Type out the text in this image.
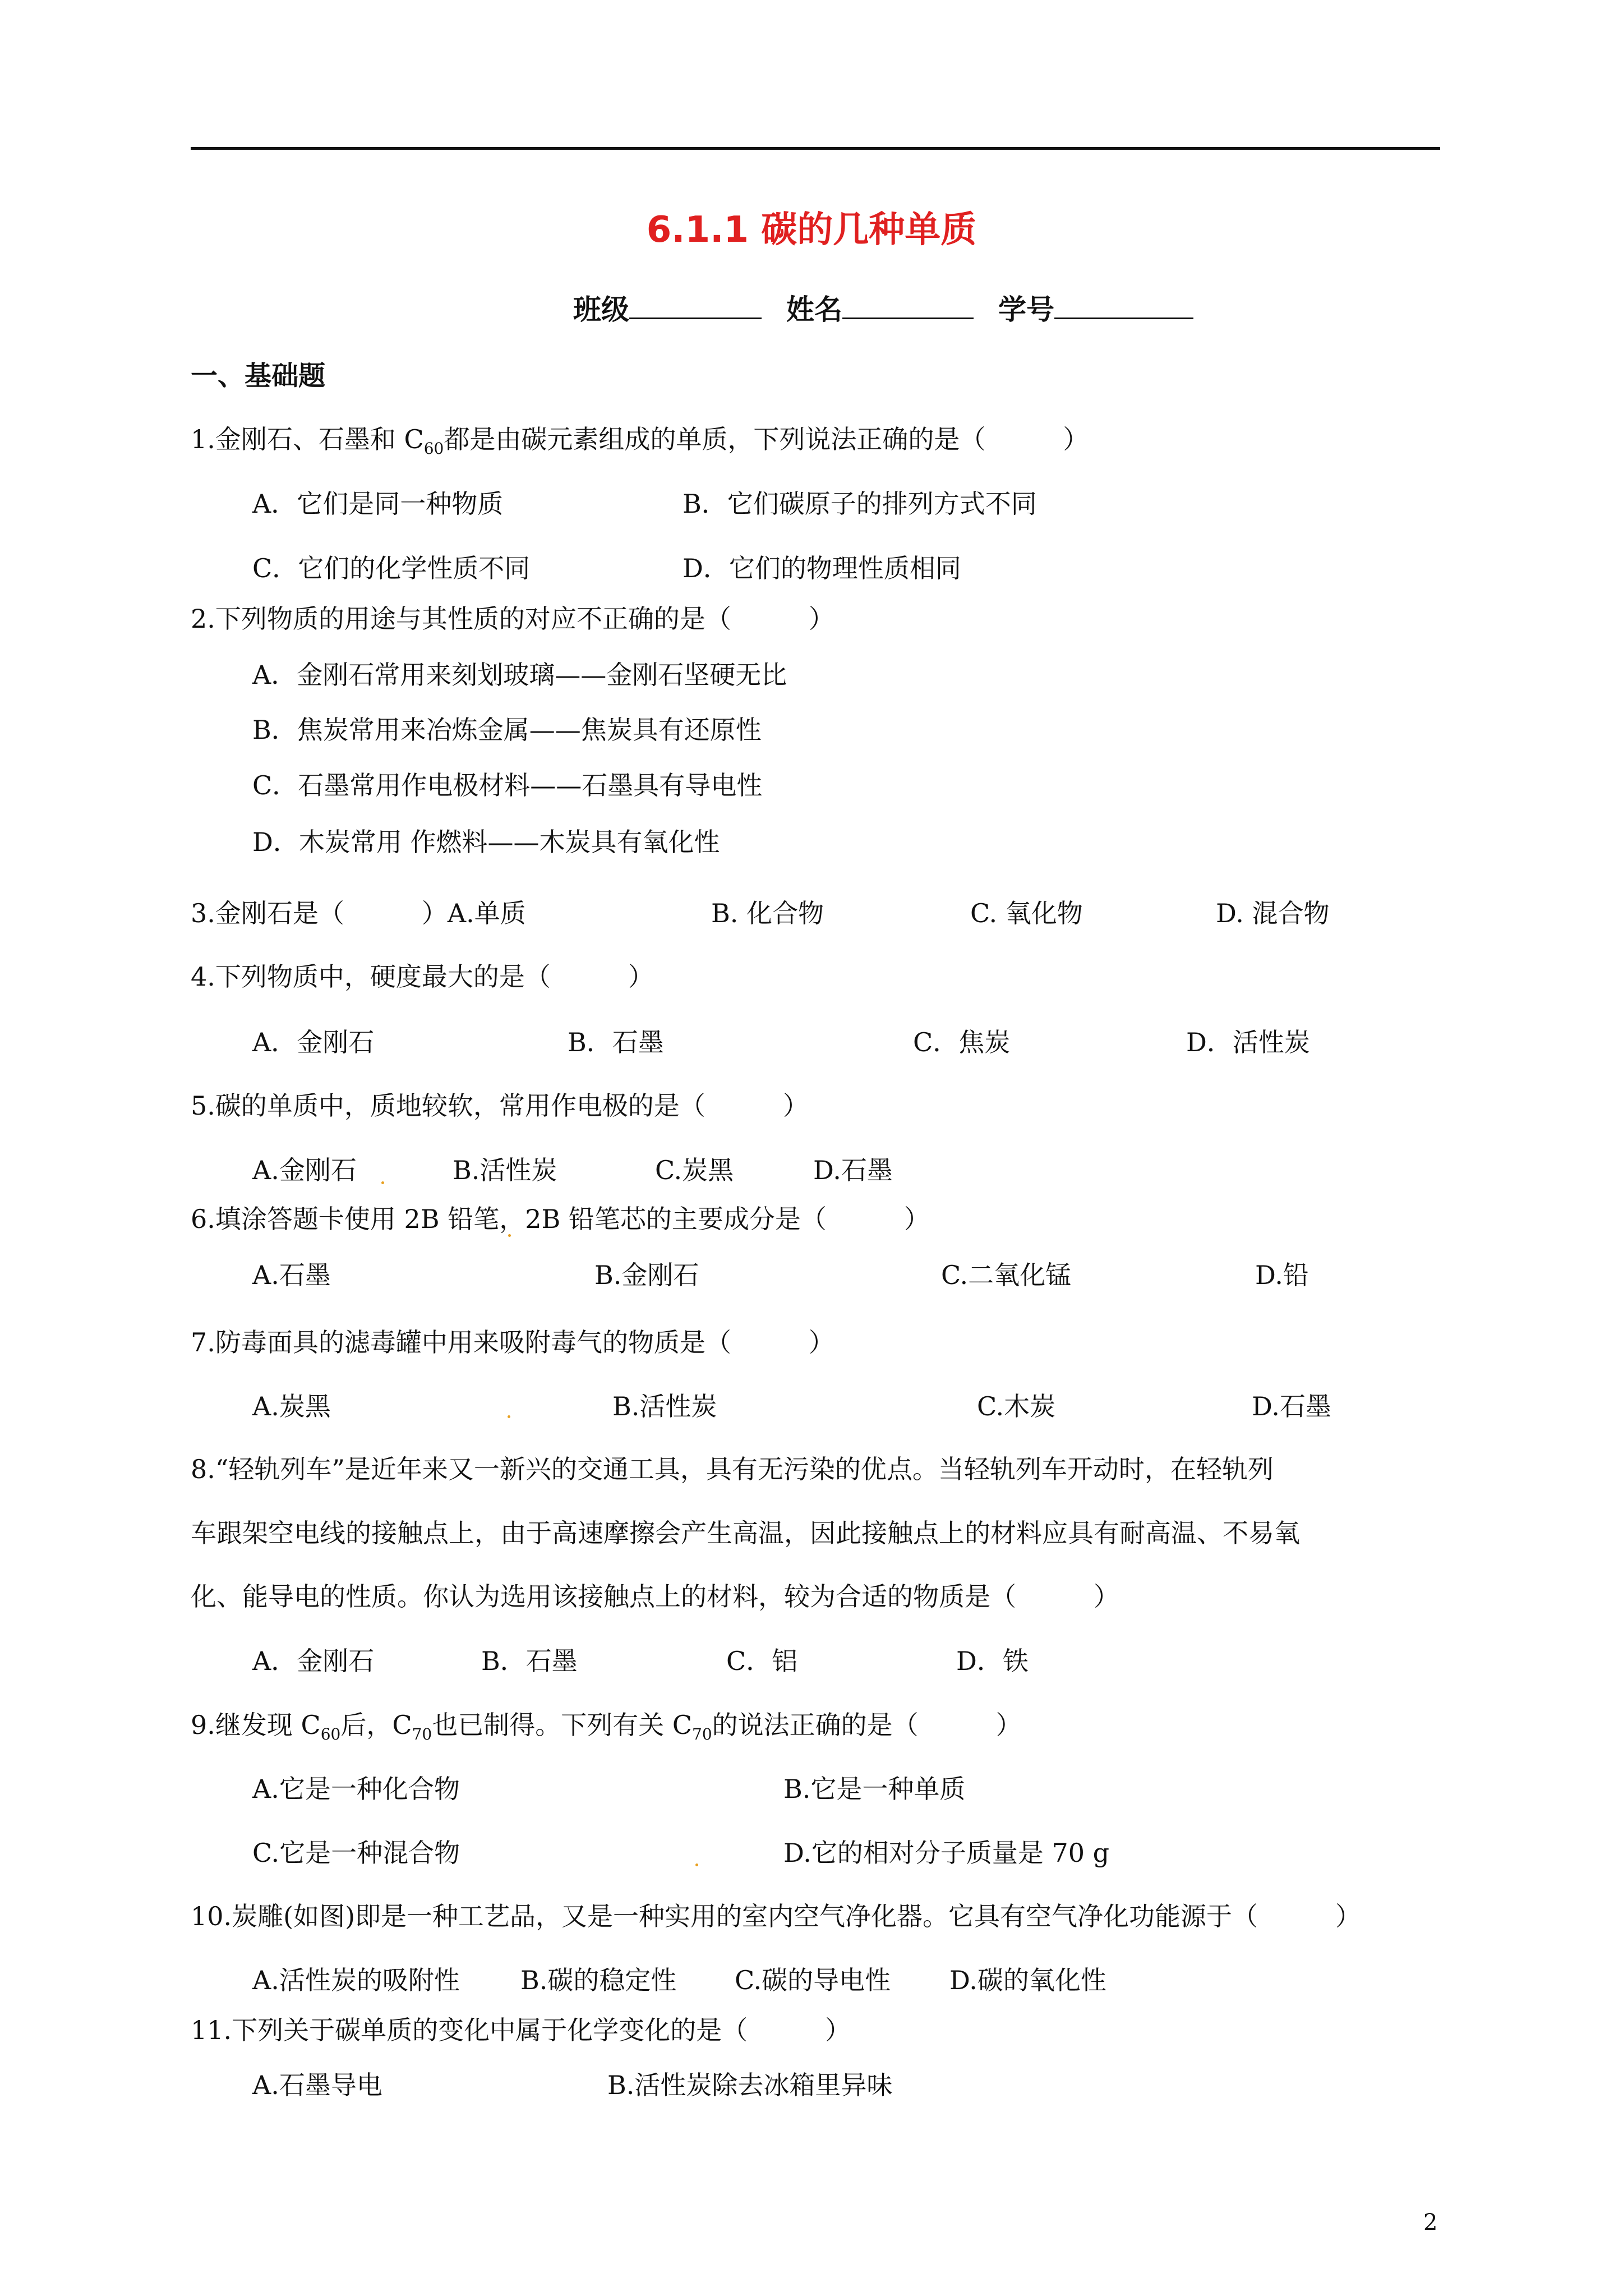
6.1.1 碳的几种单质
班级	姓名	学号
一、基础题
1.金刚石、石墨和 $C_{60}$都是由碳元素组成的单质，下列说法正确的是（　　　）
A．它们是同一种物质	B．它们碳原子的排列方式不同
C．它们的化学性质不同	D．它们的物理性质相同
2.下列物质的用途与其性质的对应不正确的是（　　　）
A．金刚石常用来刻划玻璃——金刚石坚硬无比
B．焦炭常用来冶炼金属——焦炭具有还原性
C．石墨常用作电极材料——石墨具有导电性
D．木炭常用 作燃料——木炭具有氧化性
3.金刚石是（　　　）A.单质	B. 化合物	C. 氧化物	D. 混合物
4.下列物质中，硬度最大的是（　　　）
A．金刚石	B．石墨	C．焦炭	D．活性炭
5.碳的单质中，质地较软，常用作电极的是（　　　）
A.金刚石	B.活性炭	C.炭黑	D.石墨
6.填涂答题卡使用 2B 铅笔，2B 铅笔芯的主要成分是（　　　）
A.石墨	B.金刚石	C.二氧化锰	D.铅
7.防毒面具的滤毒罐中用来吸附毒气的物质是（　　　）
A.炭黑	B.活性炭	C.木炭	D.石墨
8.“轻轨列车”是近年来又一新兴的交通工具，具有无污染的优点。当轻轨列车开动时，在轻轨列
车跟架空电线的接触点上，由于高速摩擦会产生高温，因此接触点上的材料应具有耐高温、不易氧
化、能导电的性质。你认为选用该接触点上的材料，较为合适的物质是（　　　）
A．金刚石	B．石墨	C．铝	D．铁
9.继发现 $C_{60}$后，$C_{70}$也已制得。下列有关 $C_{70}$的说法正确的是（　　　）
A.它是一种化合物	B.它是一种单质
C.它是一种混合物	D.它的相对分子质量是 70 g
10.炭雕(如图)即是一种工艺品，又是一种实用的室内空气净化器。它具有空气净化功能源于（　　　）
A.活性炭的吸附性 B.碳的稳定性 C.碳的导电性 D.碳的氧化性
11.下列关于碳单质的变化中属于化学变化的是（　　　）
A.石墨导电	B.活性炭除去冰箱里异味
2
